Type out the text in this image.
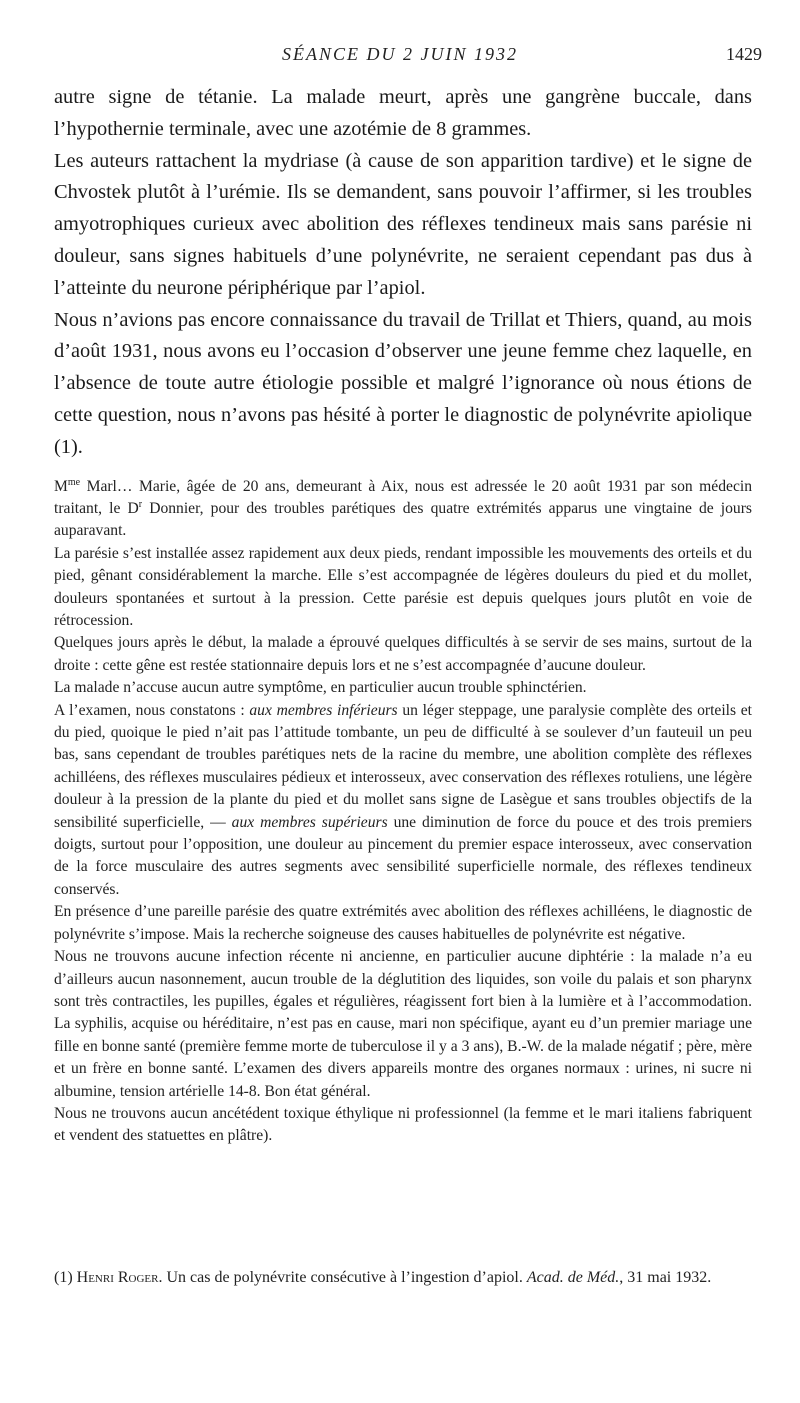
SÉANCE DU 2 JUIN 1932	1429

autre signe de tétanie. La malade meurt, après une gangrène buccale, dans l’hypothernie terminale, avec une azotémie de 8 grammes.

Les auteurs rattachent la mydriase (à cause de son apparition tardive) et le signe de Chvostek plutôt à l’urémie. Ils se demandent, sans pouvoir l’affirmer, si les troubles amyotrophiques curieux avec abolition des réflexes tendineux mais sans parésie ni douleur, sans signes habituels d’une polynévrite, ne seraient cependant pas dus à l’atteinte du neurone périphérique par l’apiol.

Nous n’avions pas encore connaissance du travail de Trillat et Thiers, quand, au mois d’août 1931, nous avons eu l’occasion d’observer une jeune femme chez laquelle, en l’absence de toute autre étiologie possible et malgré l’ignorance où nous étions de cette question, nous n’avons pas hésité à porter le diagnostic de polynévrite apiolique (1).

$M^{me}$ Marl… Marie, âgée de 20 ans, demeurant à Aix, nous est adressée le 20 août 1931 par son médecin traitant, le $D^r$ Donnier, pour des troubles parétiques des quatre extrémités apparus une vingtaine de jours auparavant.

La parésie s’est installée assez rapidement aux deux pieds, rendant impossible les mouvements des orteils et du pied, gênant considérablement la marche. Elle s’est accompagnée de légères douleurs du pied et du mollet, douleurs spontanées et surtout à la pression. Cette parésie est depuis quelques jours plutôt en voie de rétrocession.

Quelques jours après le début, la malade a éprouvé quelques difficultés à se servir de ses mains, surtout de la droite : cette gêne est restée stationnaire depuis lors et ne s’est accompagnée d’aucune douleur.

La malade n’accuse aucun autre symptôme, en particulier aucun trouble sphinctérien.

A l’examen, nous constatons : aux membres inférieurs un léger steppage, une paralysie complète des orteils et du pied, quoique le pied n’ait pas l’attitude tombante, un peu de difficulté à se soulever d’un fauteuil un peu bas, sans cependant de troubles parétiques nets de la racine du membre, une abolition complète des réflexes achilléens, des réflexes musculaires pédieux et interosseux, avec conservation des réflexes rotuliens, une légère douleur à la pression de la plante du pied et du mollet sans signe de Lasègue et sans troubles objectifs de la sensibilité superficielle, — aux membres supérieurs une diminution de force du pouce et des trois premiers doigts, surtout pour l’opposition, une douleur au pincement du premier espace interosseux, avec conservation de la force musculaire des autres segments avec sensibilité superficielle normale, des réflexes tendineux conservés.

En présence d’une pareille parésie des quatre extrémités avec abolition des réflexes achilléens, le diagnostic de polynévrite s’impose. Mais la recherche soigneuse des causes habituelles de polynévrite est négative.

Nous ne trouvons aucune infection récente ni ancienne, en particulier aucune diphtérie : la malade n’a eu d’ailleurs aucun nasonnement, aucun trouble de la déglutition des liquides, son voile du palais et son pharynx sont très contractiles, les pupilles, égales et régulières, réagissent fort bien à la lumière et à l’accommodation. La syphilis, acquise ou héréditaire, n’est pas en cause, mari non spécifique, ayant eu d’un premier mariage une fille en bonne santé (première femme morte de tuberculose il y a 3 ans), B.-W. de la malade négatif ; père, mère et un frère en bonne santé. L’examen des divers appareils montre des organes normaux : urines, ni sucre ni albumine, tension artérielle 14-8. Bon état général.

Nous ne trouvons aucun ancétédent toxique éthylique ni professionnel (la femme et le mari italiens fabriquent et vendent des statuettes en plâtre).

(1) Henri Roger. Un cas de polynévrite consécutive à l’ingestion d’apiol. Acad. de Méd., 31 mai 1932.
